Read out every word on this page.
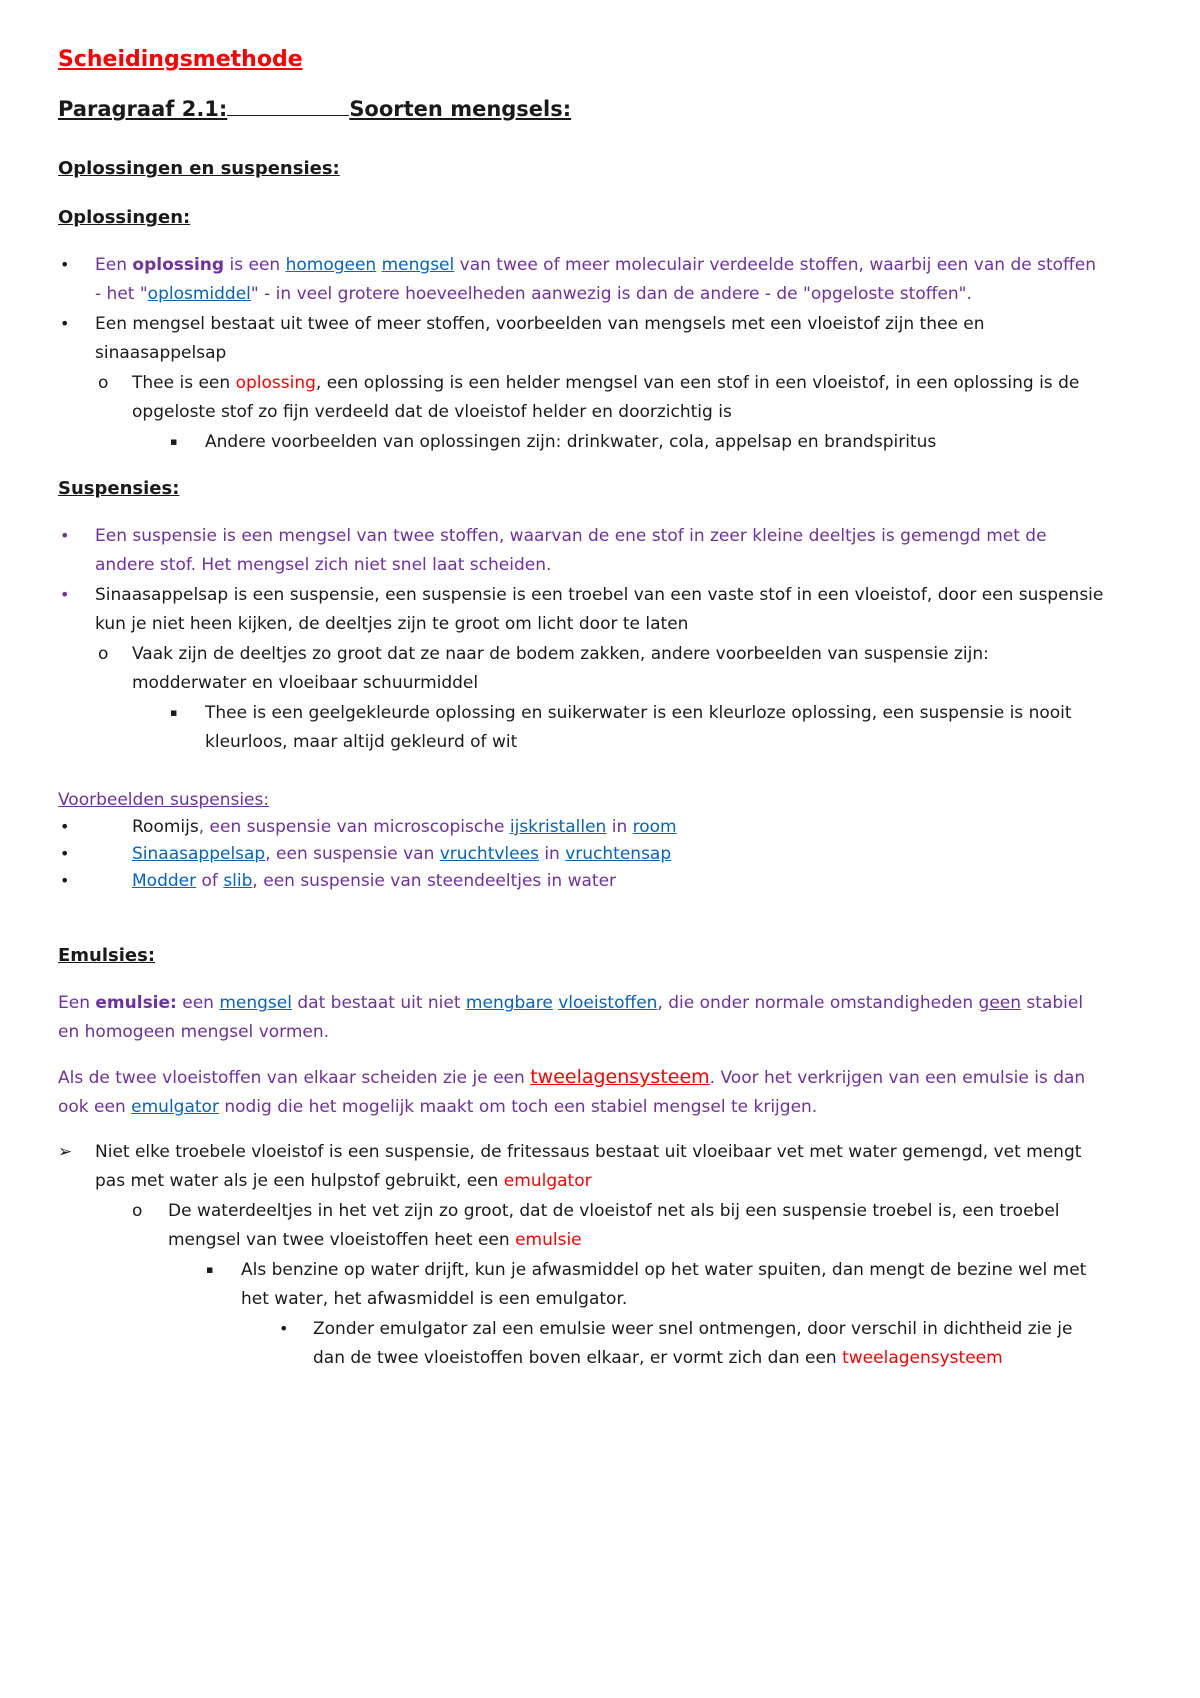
Scheidingsmethode
Paragraaf 2.1:	Soorten mengsels:
Oplossingen en suspensies:
Oplossingen:
• Een oplossing is een homogeen mengsel van twee of meer moleculair verdeelde stoffen, waarbij een van de stoffen
- het "oplosmiddel" - in veel grotere hoeveelheden aanwezig is dan de andere - de "opgeloste stoffen".
• Een mengsel bestaat uit twee of meer stoffen, voorbeelden van mengsels met een vloeistof zijn thee en
sinaasappelsap
o Thee is een oplossing, een oplossing is een helder mengsel van een stof in een vloeistof, in een oplossing is de
opgeloste stof zo fijn verdeeld dat de vloeistof helder en doorzichtig is
▪ Andere voorbeelden van oplossingen zijn: drinkwater, cola, appelsap en brandspiritus
Suspensies:
• Een suspensie is een mengsel van twee stoffen, waarvan de ene stof in zeer kleine deeltjes is gemengd met de
andere stof. Het mengsel zich niet snel laat scheiden.
• Sinaasappelsap is een suspensie, een suspensie is een troebel van een vaste stof in een vloeistof, door een suspensie
kun je niet heen kijken, de deeltjes zijn te groot om licht door te laten
o Vaak zijn de deeltjes zo groot dat ze naar de bodem zakken, andere voorbeelden van suspensie zijn:
modderwater en vloeibaar schuurmiddel
▪ Thee is een geelgekleurde oplossing en suikerwater is een kleurloze oplossing, een suspensie is nooit
kleurloos, maar altijd gekleurd of wit
Voorbeelden suspensies:
•	Roomijs, een suspensie van microscopische ijskristallen in room
•	Sinaasappelsap, een suspensie van vruchtvlees in vruchtensap
•	Modder of slib, een suspensie van steendeeltjes in water
Emulsies:
Een emulsie: een mengsel dat bestaat uit niet mengbare vloeistoffen, die onder normale omstandigheden geen stabiel
en homogeen mengsel vormen.
Als de twee vloeistoffen van elkaar scheiden zie je een tweelagensysteem. Voor het verkrijgen van een emulsie is dan
ook een emulgator nodig die het mogelijk maakt om toch een stabiel mengsel te krijgen.
➢ Niet elke troebele vloeistof is een suspensie, de fritessaus bestaat uit vloeibaar vet met water gemengd, vet mengt
pas met water als je een hulpstof gebruikt, een emulgator
o De waterdeeltjes in het vet zijn zo groot, dat de vloeistof net als bij een suspensie troebel is, een troebel
mengsel van twee vloeistoffen heet een emulsie
▪ Als benzine op water drijft, kun je afwasmiddel op het water spuiten, dan mengt de bezine wel met
het water, het afwasmiddel is een emulgator.
• Zonder emulgator zal een emulsie weer snel ontmengen, door verschil in dichtheid zie je
dan de twee vloeistoffen boven elkaar, er vormt zich dan een tweelagensysteem
